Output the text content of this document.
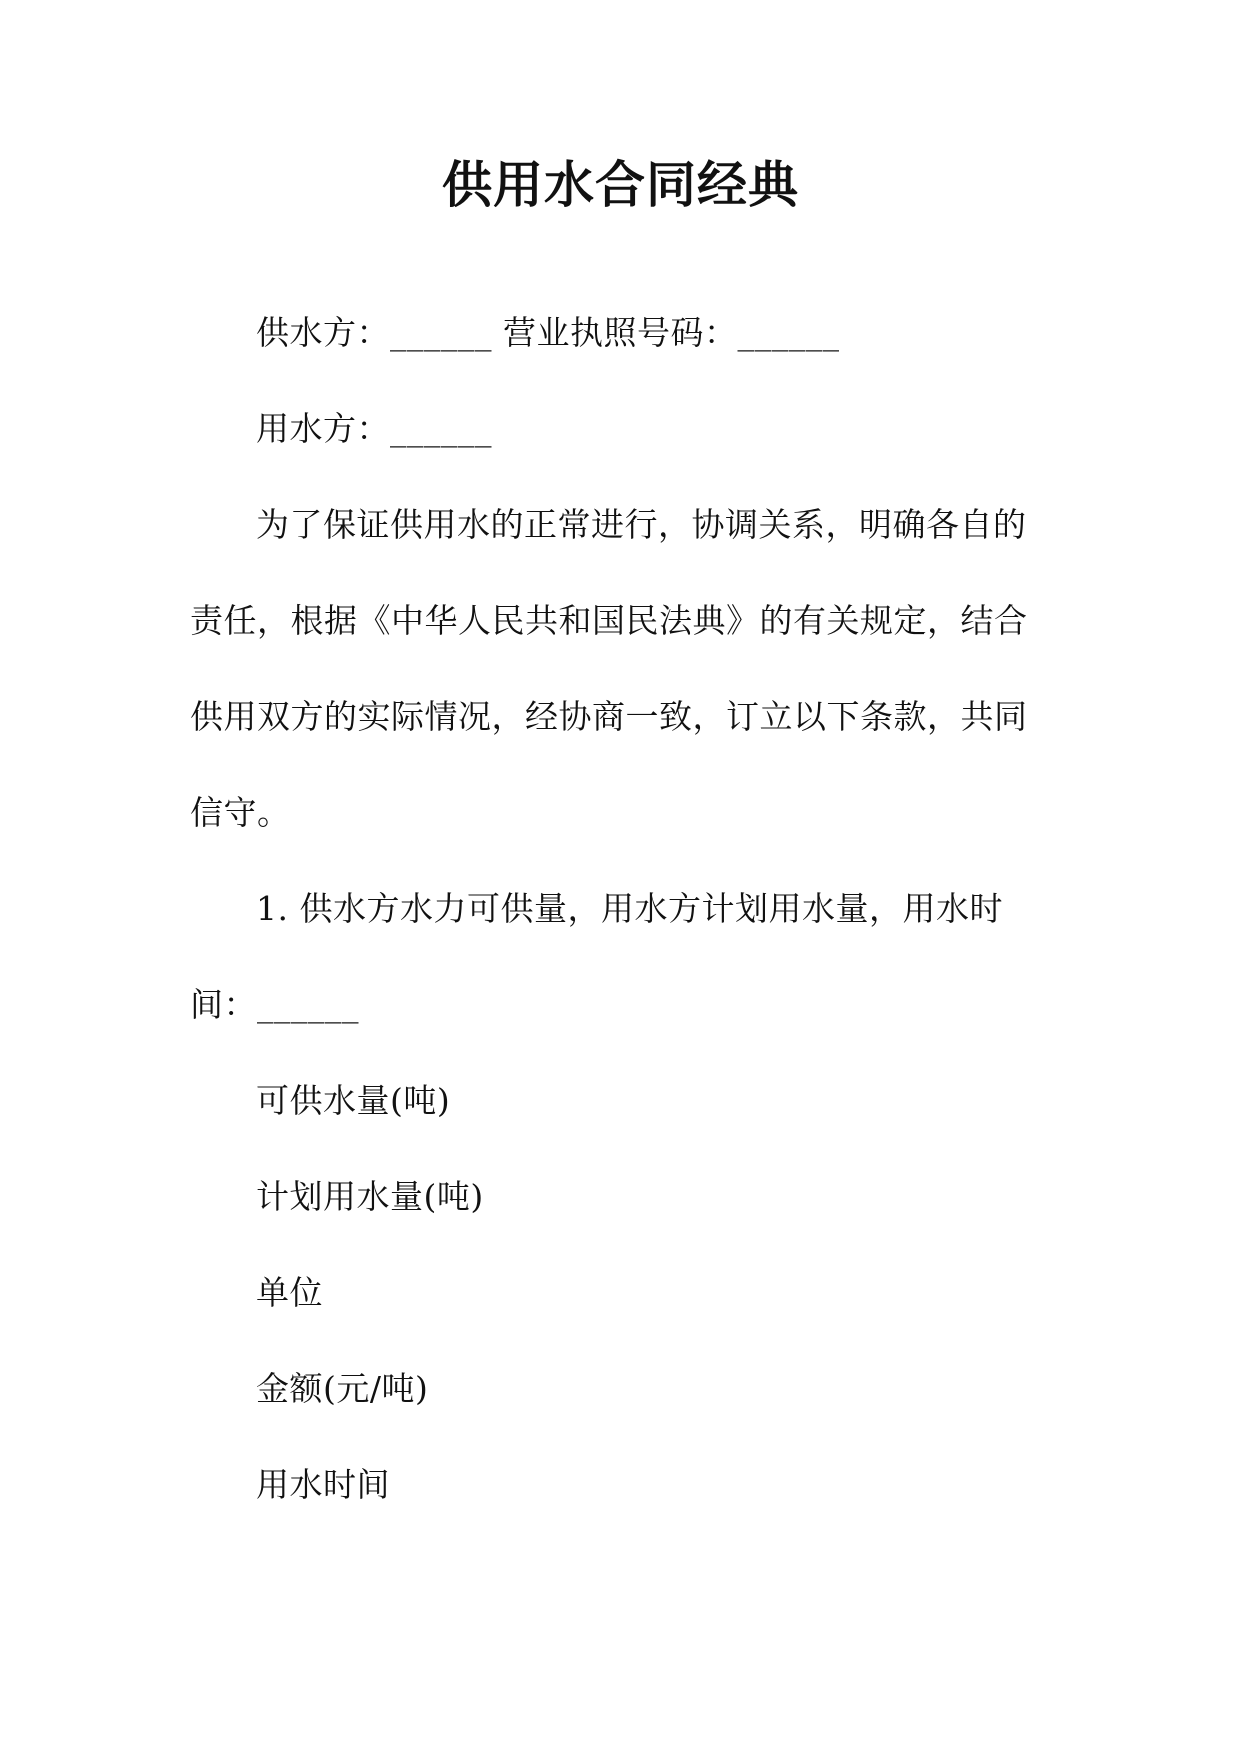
供用水合同经典
供水方：______ 营业执照号码：______
用水方：______
为了保证供用水的正常进行，协调关系，明确各自的
责任，根据《中华人民共和国民法典》的有关规定，结合
供用双方的实际情况，经协商一致，订立以下条款，共同
信守。
1. 供水方水力可供量，用水方计划用水量，用水时
间：______
可供水量(吨)
计划用水量(吨)
单位
金额(元/吨)
用水时间
